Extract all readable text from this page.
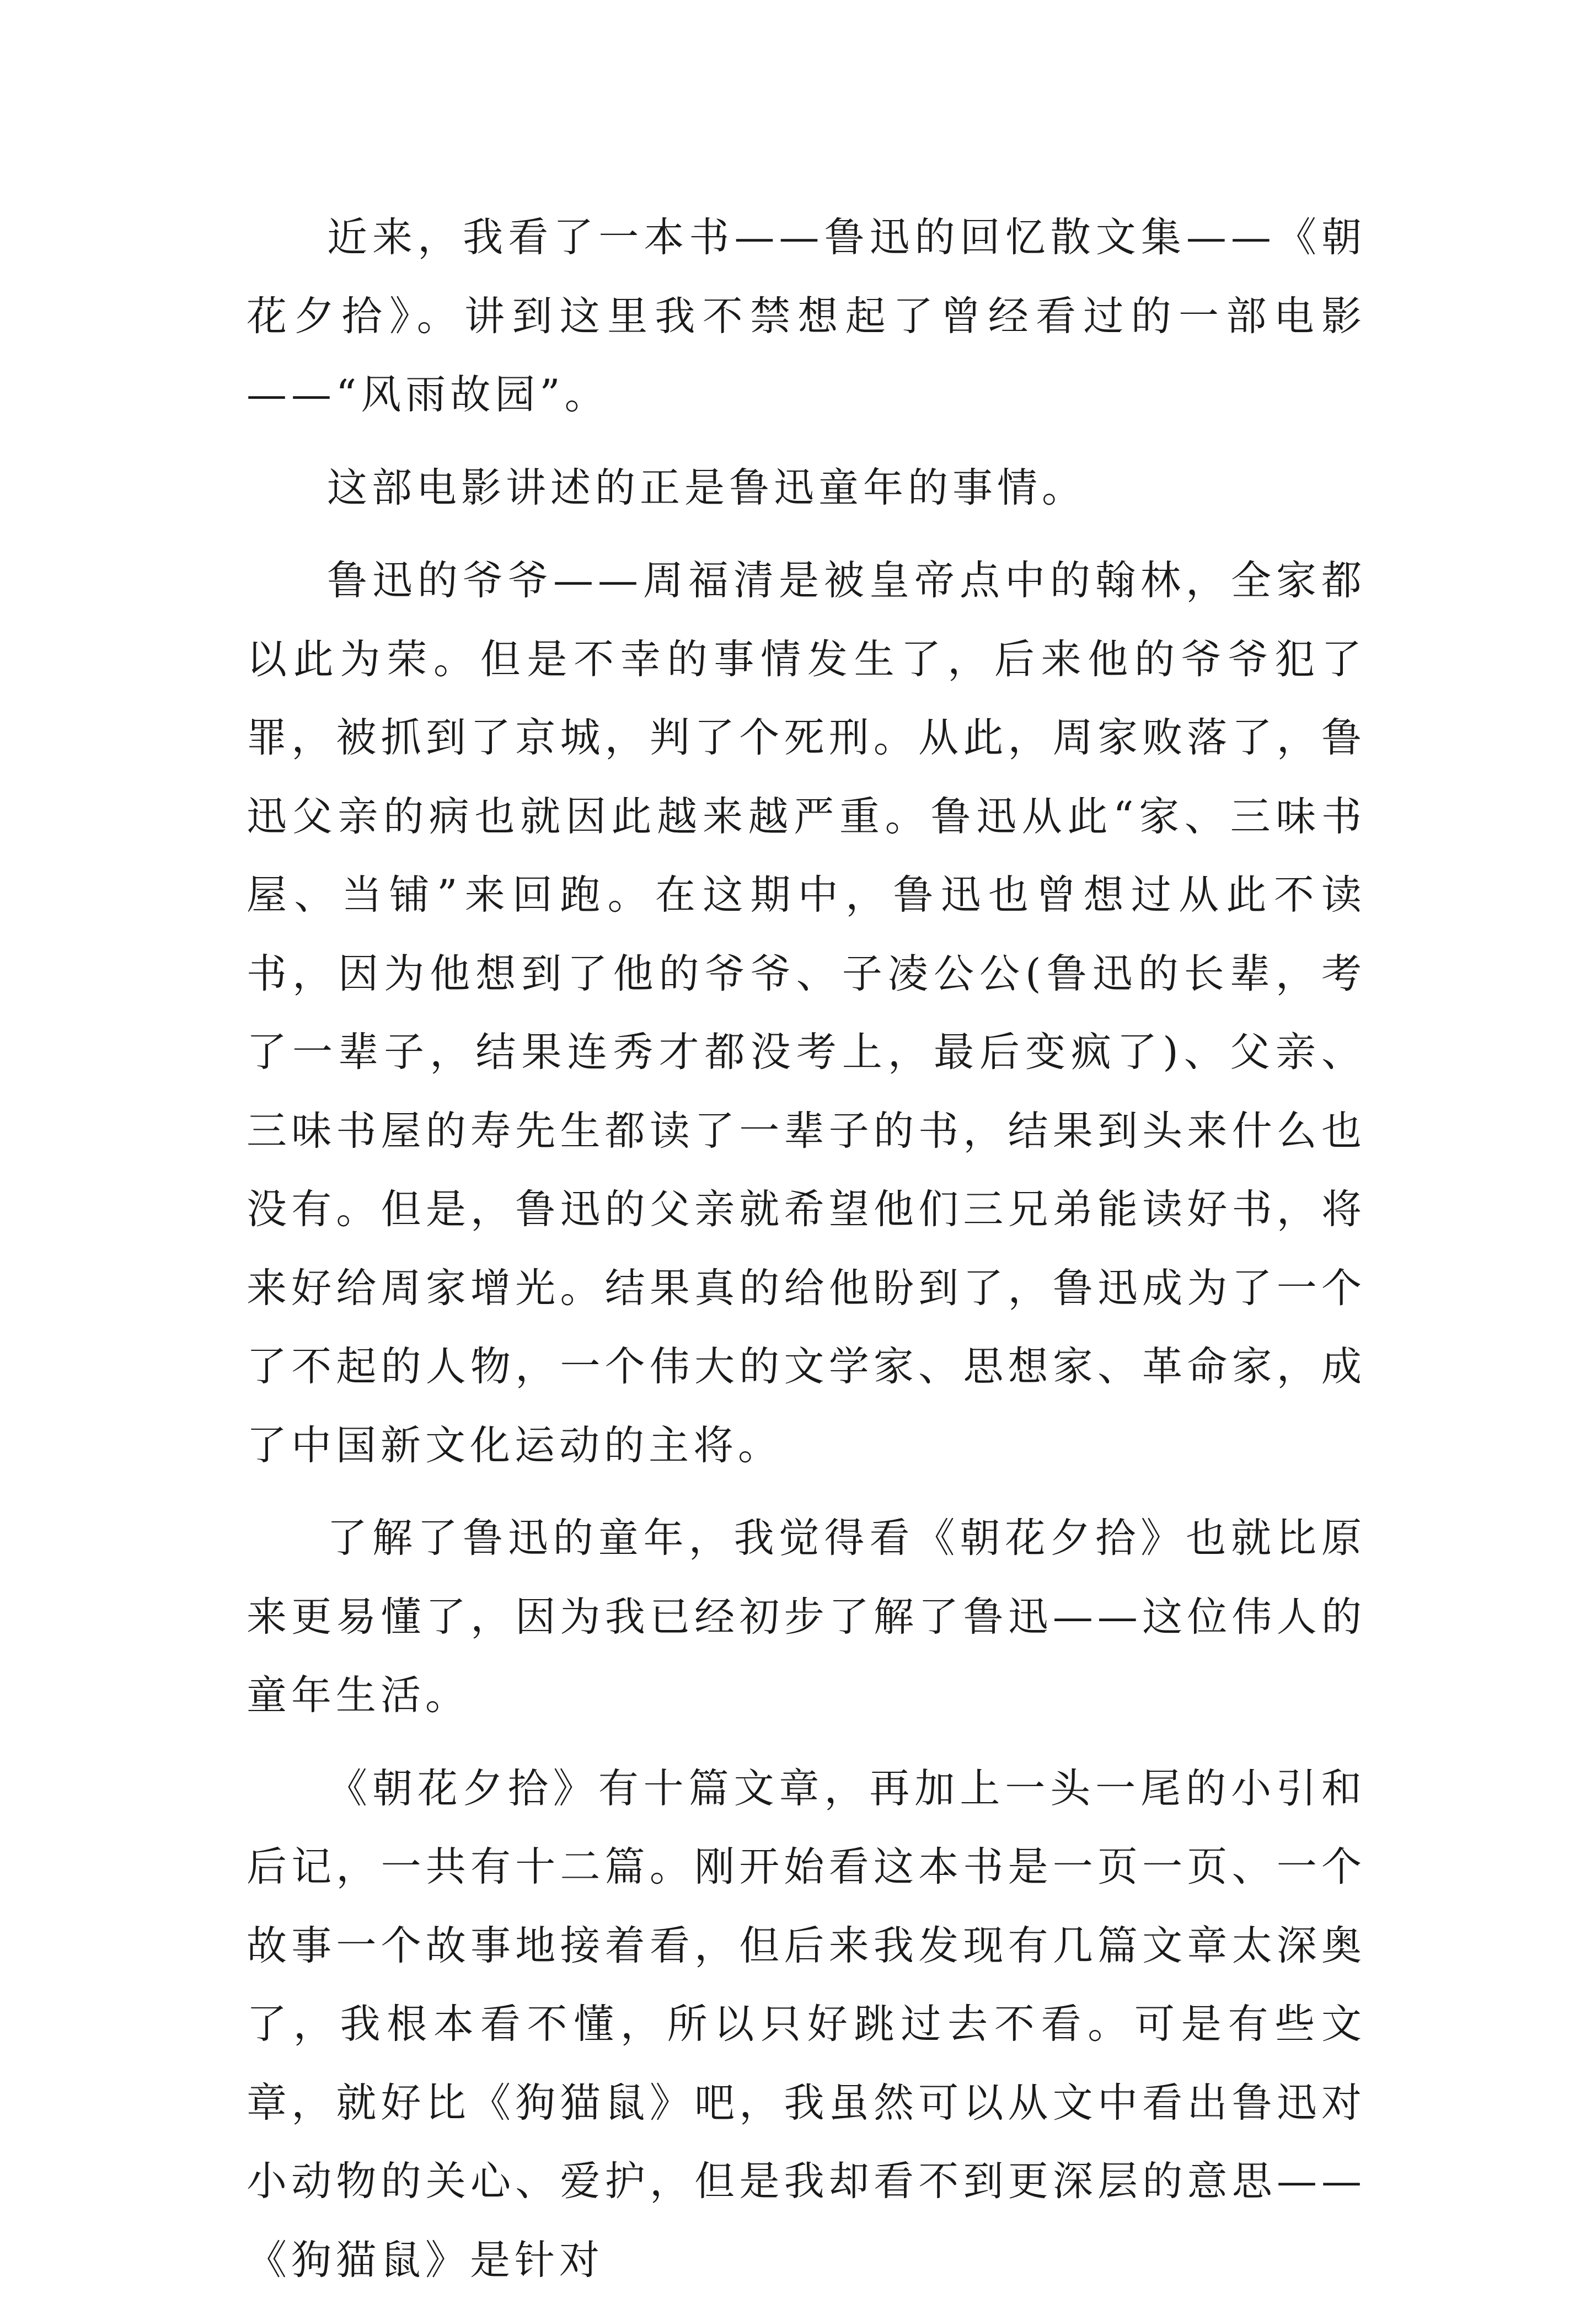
近来，我看了一本书——鲁迅的回忆散文集——《朝花夕拾》。讲到这里我不禁想起了曾经看过的一部电影——“风雨故园”。

这部电影讲述的正是鲁迅童年的事情。

鲁迅的爷爷——周福清是被皇帝点中的翰林，全家都以此为荣。但是不幸的事情发生了，后来他的爷爷犯了罪，被抓到了京城，判了个死刑。从此，周家败落了，鲁迅父亲的病也就因此越来越严重。鲁迅从此“家、三味书屋、当铺”来回跑。在这期中，鲁迅也曾想过从此不读书，因为他想到了他的爷爷、子凌公公(鲁迅的长辈，考了一辈子，结果连秀才都没考上，最后变疯了)、父亲、三味书屋的寿先生都读了一辈子的书，结果到头来什么也没有。但是，鲁迅的父亲就希望他们三兄弟能读好书，将来好给周家增光。结果真的给他盼到了，鲁迅成为了一个了不起的人物，一个伟大的文学家、思想家、革命家，成了中国新文化运动的主将。

了解了鲁迅的童年，我觉得看《朝花夕拾》也就比原来更易懂了，因为我已经初步了解了鲁迅——这位伟人的童年生活。

《朝花夕拾》有十篇文章，再加上一头一尾的小引和后记，一共有十二篇。刚开始看这本书是一页一页、一个故事一个故事地接着看，但后来我发现有几篇文章太深奥了，我根本看不懂，所以只好跳过去不看。可是有些文章，就好比《狗猫鼠》吧，我虽然可以从文中看出鲁迅对小动物的关心、爱护，但是我却看不到更深层的意思——《狗猫鼠》是针对
